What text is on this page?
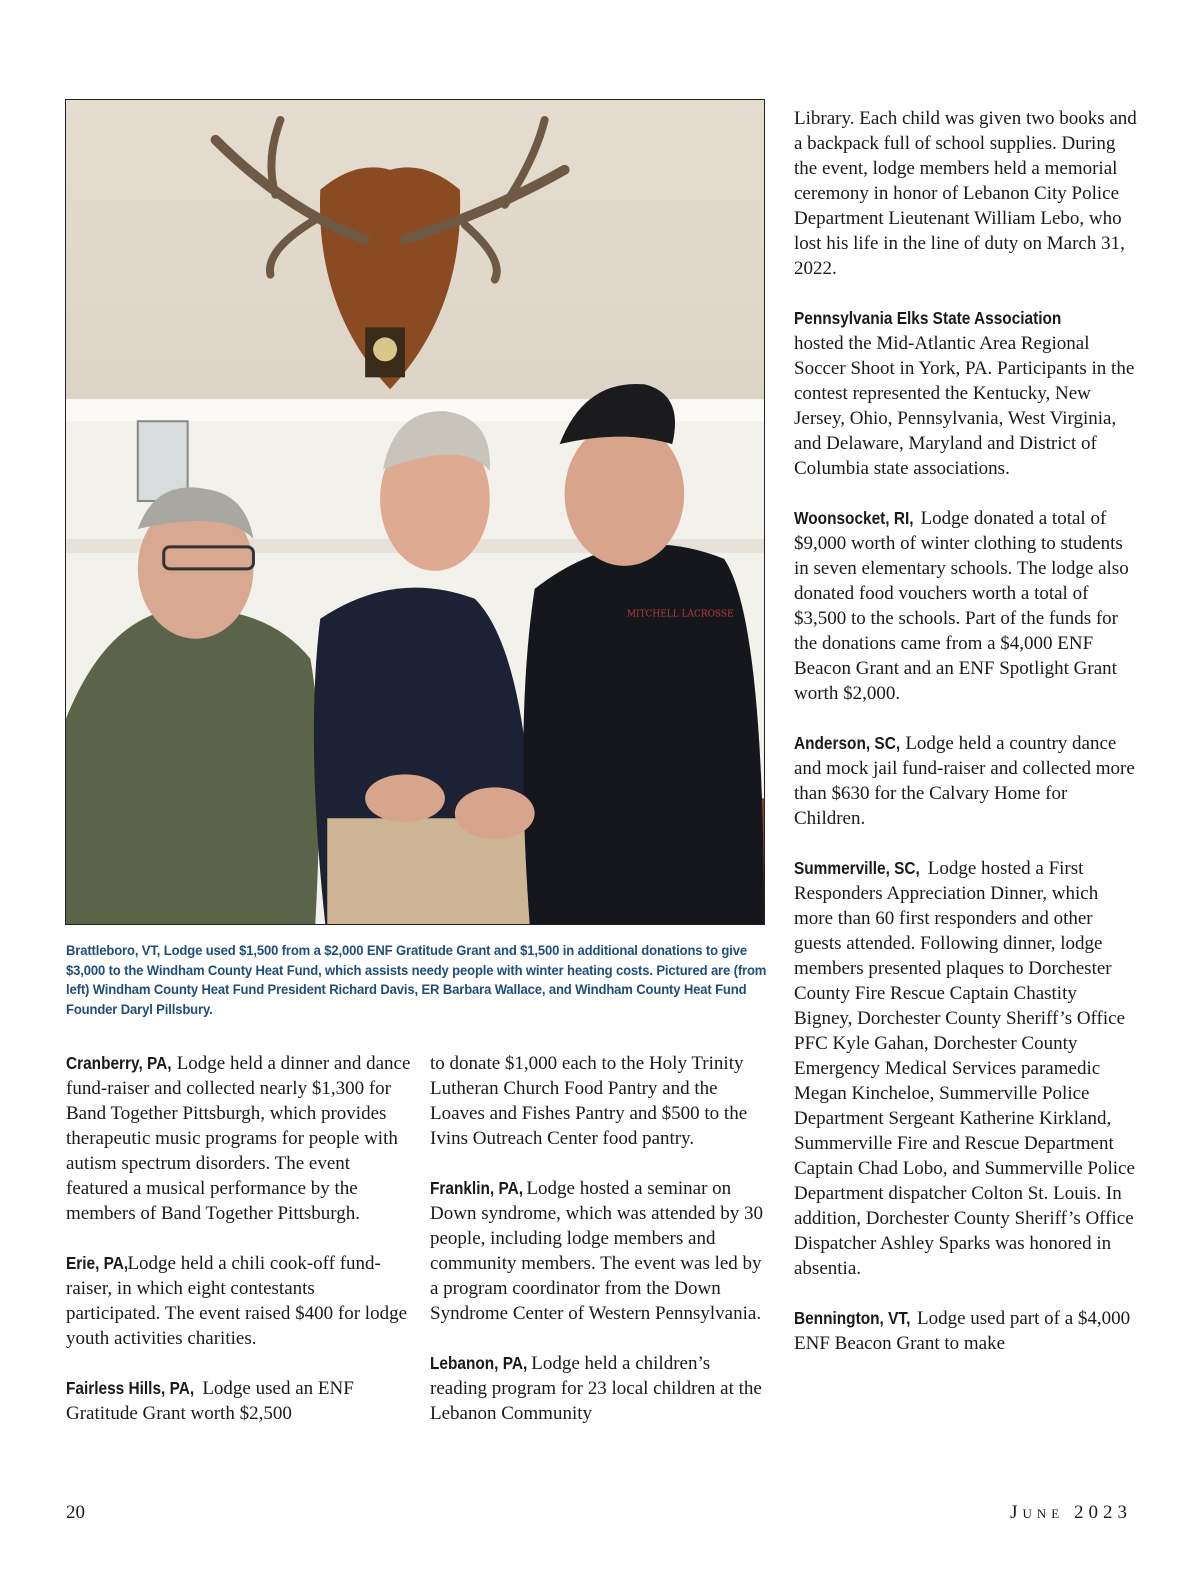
MITCHELL LACROSSE
Brattleboro, VT, Lodge used $1,500 from a $2,000 ENF Gratitude Grant and $1,500 in additional donations to give $3,000 to the Windham County Heat Fund, which assists needy people with winter heating costs. Pictured are (from left) Windham County Heat Fund President Richard Davis, ER Barbara Wallace, and Windham County Heat Fund Founder Daryl Pillsbury.

Cranberry, PA, Lodge held a dinner and dance fund-raiser and collected nearly $1,300 for Band Together Pittsburgh, which provides therapeutic music programs for people with autism spectrum disorders. The event featured a musical performance by the members of Band Together Pittsburgh.

Erie, PA, Lodge held a chili cook-off fund-raiser, in which eight contestants participated. The event raised $400 for lodge youth activities charities.

Fairless Hills, PA, Lodge used an ENF Gratitude Grant worth $2,500

to donate $1,000 each to the Holy Trinity Lutheran Church Food Pantry and the Loaves and Fishes Pantry and $500 to the Ivins Outreach Center food pantry.

Franklin, PA, Lodge hosted a seminar on Down syndrome, which was attended by 30 people, including lodge members and community members. The event was led by a program coordinator from the Down Syndrome Center of Western Pennsylvania.

Lebanon, PA, Lodge held a children’s reading program for 23 local children at the Lebanon Community

Library. Each child was given two books and a backpack full of school supplies. During the event, lodge members held a memorial ceremony in honor of Lebanon City Police Department Lieutenant William Lebo, who lost his life in the line of duty on March 31, 2022.

Pennsylvania Elks State Association
hosted the Mid-Atlantic Area Regional Soccer Shoot in York, PA. Participants in the contest represented the Kentucky, New Jersey, Ohio, Pennsylvania, West Virginia, and Delaware, Maryland and District of Columbia state associations.

Woonsocket, RI, Lodge donated a total of $9,000 worth of winter clothing to students in seven elementary schools. The lodge also donated food vouchers worth a total of $3,500 to the schools. Part of the funds for the donations came from a $4,000 ENF Beacon Grant and an ENF Spotlight Grant worth $2,000.

Anderson, SC, Lodge held a country dance and mock jail fund-raiser and collected more than $630 for the Calvary Home for Children.

Summerville, SC, Lodge hosted a First Responders Appreciation Dinner, which more than 60 first responders and other guests attended. Following dinner, lodge members presented plaques to Dorchester County Fire Rescue Captain Chastity Bigney, Dorchester County Sheriff’s Office PFC Kyle Gahan, Dorchester County Emergency Medical Services paramedic Megan Kincheloe, Summerville Police Department Sergeant Katherine Kirkland, Summerville Fire and Rescue Department Captain Chad Lobo, and Summerville Police Department dispatcher Colton St. Louis. In addition, Dorchester County Sheriff’s Office Dispatcher Ashley Sparks was honored in absentia.

Bennington, VT, Lodge used part of a $4,000 ENF Beacon Grant to make

20	June 2023
